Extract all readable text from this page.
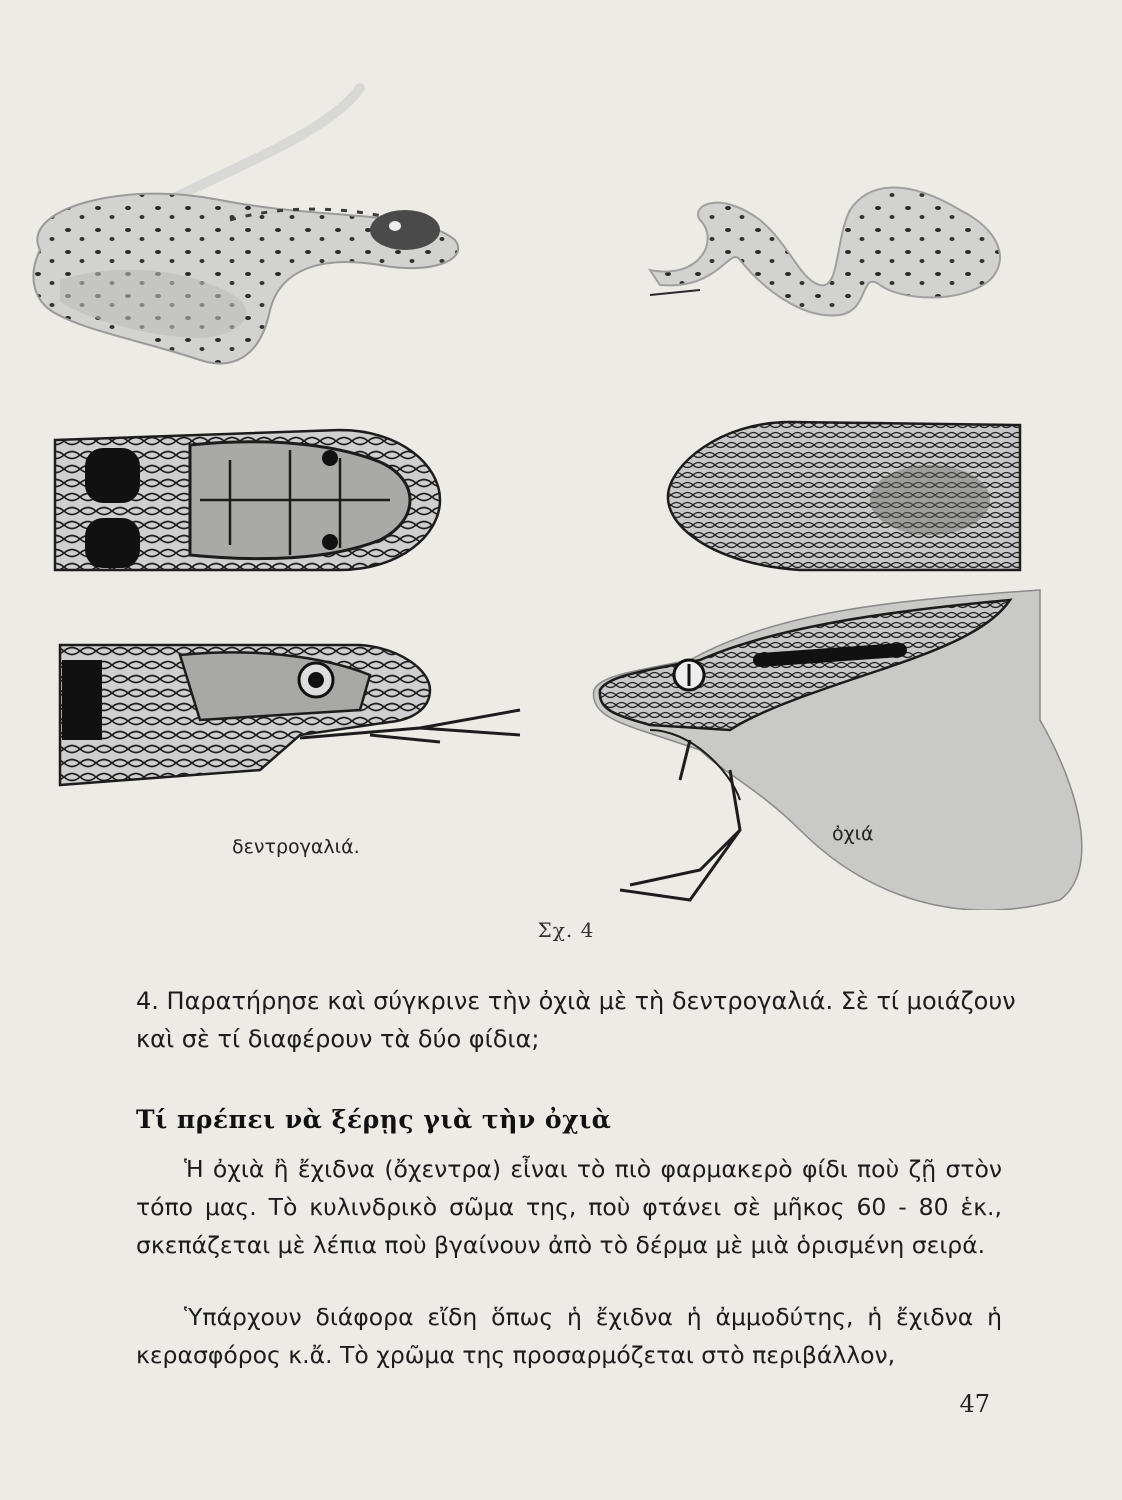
δεντρογαλιά.
ὀχιά
Σχ. 4
4. Παρατήρησε καὶ σύγκρινε τὴν ὀχιὰ μὲ τὴ δεντρογαλιά. Σὲ τί μοιάζουν καὶ σὲ τί διαφέρουν τὰ δύο φίδια;
Τί πρέπει νὰ ξέρῃς γιὰ τὴν ὀχιὰ
Ἡ ὀχιὰ ἢ ἔχιδνα (ὄχεντρα) εἶναι τὸ πιὸ φαρμακερὸ φίδι ποὺ ζῇ στὸν τόπο μας. Τὸ κυλινδρικὸ σῶμα της, ποὺ φτάνει σὲ μῆκος 60 - 80 ἑκ., σκεπάζεται μὲ λέπια ποὺ βγαίνουν ἀπὸ τὸ δέρμα μὲ μιὰ ὁρισμένη σειρά.
Ὑπάρχουν διάφορα εἴδη ὅπως ἡ ἔχιδνα ἡ ἀμμοδύτης, ἡ ἔχιδνα ἡ κερασφόρος κ.ἄ. Τὸ χρῶμα της προσαρμόζεται στὸ περιβάλλον,
47
